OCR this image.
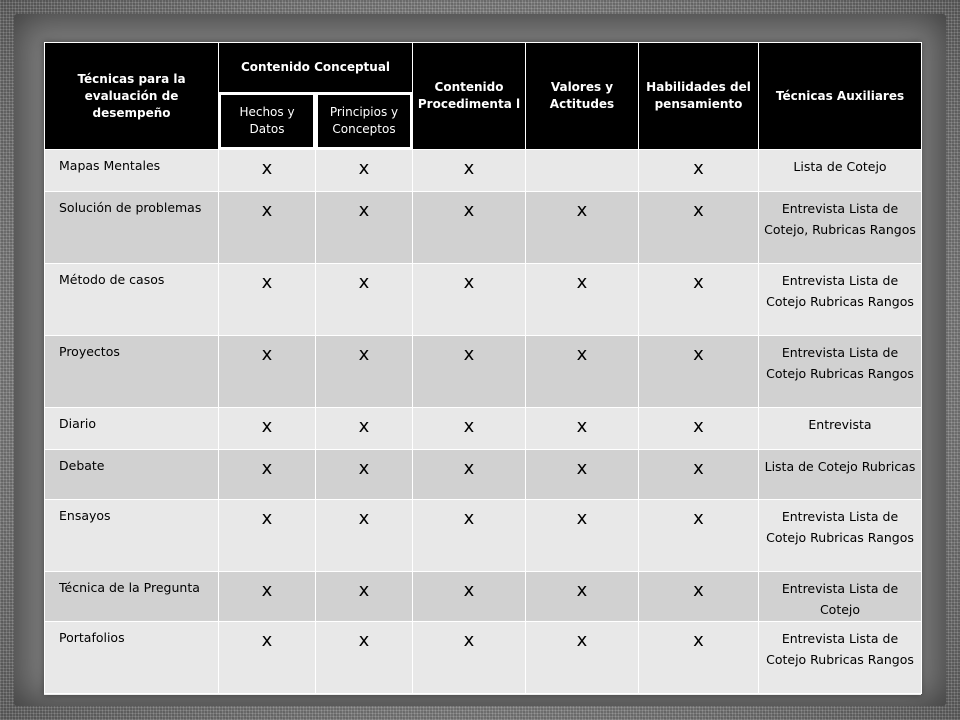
Técnicas para la evaluación de desempeño	Contenido Conceptual		Contenido Procedimenta l	Valores y Actitudes	Habilidades del pensamiento	Técnicas Auxiliares

Hechos y Datos	Principios y Conceptos				

Mapas Mentales	x	x	x		x	Lista de Cotejo
Solución de problemas	x	x	x	x	x	Entrevista Lista de Cotejo, Rubricas Rangos
Método de casos	x	x	x	x	x	Entrevista Lista de Cotejo Rubricas Rangos
Proyectos	x	x	x	x	x	Entrevista Lista de Cotejo Rubricas Rangos
Diario	x	x	x	x	x	Entrevista
Debate	x	x	x	x	x	Lista de Cotejo Rubricas
Ensayos	x	x	x	x	x	Entrevista Lista de Cotejo Rubricas Rangos
Técnica de la Pregunta	x	x	x	x	x	Entrevista Lista de Cotejo
Portafolios	x	x	x	x	x	Entrevista Lista de Cotejo Rubricas Rangos
